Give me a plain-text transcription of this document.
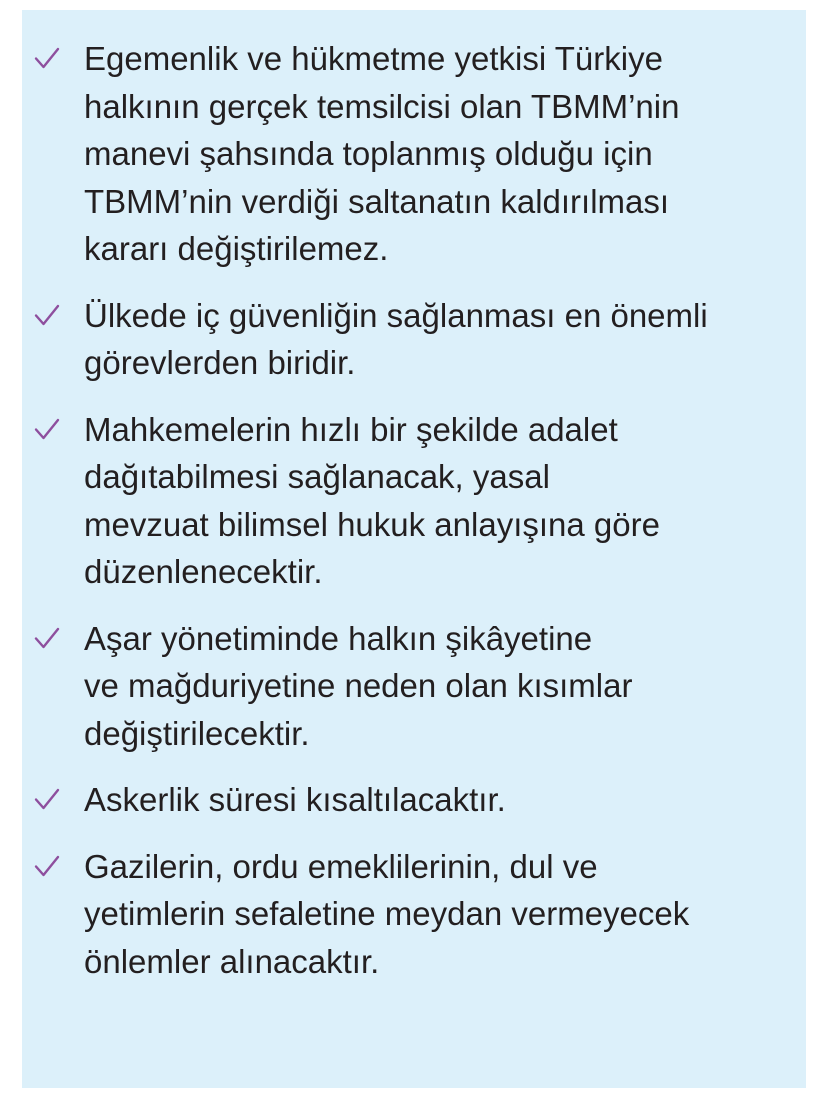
Egemenlik ve hükmetme yetkisi Türkiye
halkının gerçek temsilcisi olan TBMM’nin
manevi şahsında toplanmış olduğu için
TBMM’nin verdiği saltanatın kaldırılması
kararı değiştirilemez.
Ülkede iç güvenliğin sağlanması en önemli
görevlerden biridir.
Mahkemelerin hızlı bir şekilde adalet
dağıtabilmesi sağlanacak, yasal
mevzuat bilimsel hukuk anlayışına göre
düzenlenecektir.
Aşar yönetiminde halkın şikâyetine
ve mağduriyetine neden olan kısımlar
değiştirilecektir.
Askerlik süresi kısaltılacaktır.
Gazilerin, ordu emeklilerinin, dul ve
yetimlerin sefaletine meydan vermeyecek
önlemler alınacaktır.
